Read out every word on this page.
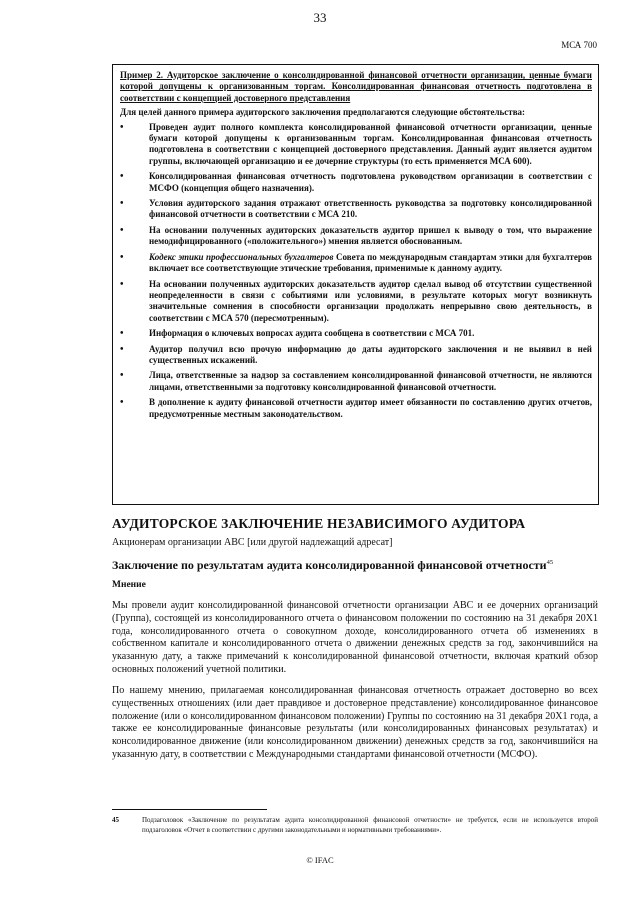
33
МСА 700

Пример 2. Аудиторское заключение о консолидированной финансовой отчетности организации, ценные бумаги которой допущены к организованным торгам. Консолидированная финансовая отчетность подготовлена в соответствии с концепцией достоверного представления

Для целей данного примера аудиторского заключения предполагаются следующие обстоятельства:

•	Проведен аудит полного комплекта консолидированной финансовой отчетности организации, ценные бумаги которой допущены к организованным торгам. Консолидированная финансовая отчетность подготовлена в соответствии с концепцией достоверного представления. Данный аудит является аудитом группы, включающей организацию и ее дочерние структуры (то есть применяется МСА 600).
•	Консолидированная финансовая отчетность подготовлена руководством организации в соответствии с МСФО (концепция общего назначения).
•	Условия аудиторского задания отражают ответственность руководства за подготовку консолидированной финансовой отчетности в соответствии с МСА 210.
•	На основании полученных аудиторских доказательств аудитор пришел к выводу о том, что выражение немодифицированного («положительного») мнения является обоснованным.
•	Кодекс этики профессиональных бухгалтеров Совета по международным стандартам этики для бухгалтеров включает все соответствующие этические требования, применимые к данному аудиту.
•	На основании полученных аудиторских доказательств аудитор сделал вывод об отсутствии существенной неопределенности в связи с событиями или условиями, в результате которых могут возникнуть значительные сомнения в способности организации продолжать непрерывно свою деятельность, в соответствии с МСА 570 (пересмотренным).
•	Информация о ключевых вопросах аудита сообщена в соответствии с МСА 701.
•	Аудитор получил всю прочую информацию до даты аудиторского заключения и не выявил в ней существенных искажений.
•	Лица, ответственные за надзор за составлением консолидированной финансовой отчетности, не являются лицами, ответственными за подготовку консолидированной финансовой отчетности.
•	В дополнение к аудиту финансовой отчетности аудитор имеет обязанности по составлению других отчетов, предусмотренные местным законодательством.
АУДИТОРСКОЕ ЗАКЛЮЧЕНИЕ НЕЗАВИСИМОГО АУДИТОРА

Акционерам организации АВС [или другой надлежащий адресат]

Заключение по результатам аудита консолидированной финансовой отчетности$^{45}$
Мнение

Мы провели аудит консолидированной финансовой отчетности организации АВС и ее дочерних организаций (Группа), состоящей из консолидированного отчета о финансовом положении по состоянию на 31 декабря 20Х1 года, консолидированного отчета о совокупном доходе, консолидированного отчета об изменениях в собственном капитале и консолидированного отчета о движении денежных средств за год, закончившийся на указанную дату, а также примечаний к консолидированной финансовой отчетности, включая краткий обзор основных положений учетной политики.

По нашему мнению, прилагаемая консолидированная финансовая отчетность отражает достоверно во всех существенных отношениях (или дает правдивое и достоверное представление) консолидированное финансовое положение (или о консолидированном финансовом положении) Группы по состоянию на 31 декабря 20Х1 года, а также ее консолидированные финансовые результаты (или консолидированных финансовых результатах) и консолидированное движение (или консолидированном движении) денежных средств за год, закончившийся на указанную дату, в соответствии с Международными стандартами финансовой отчетности (МСФО).

45	Подзаголовок «Заключение по результатам аудита консолидированной финансовой отчетности» не требуется, если не используется второй подзаголовок «Отчет в соответствии с другими законодательными и нормативными требованиями».

© IFAC
